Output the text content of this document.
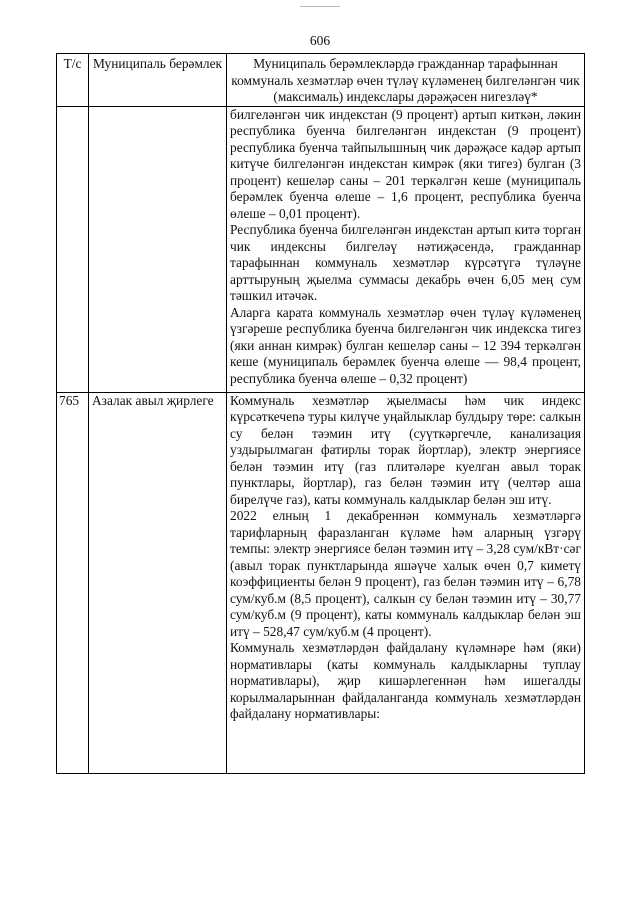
606
Т/с	Муниципаль берәмлек	Муниципаль берәмлекләрдә гражданнар тарафыннан коммуналь хезмәтләр өчен түләү күләменең билгеләнгән чик (максималь) индекслары дәрәҗәсен нигезләү*

		билгеләнгән чик индекстан (9 процент) артып киткән, ләкин республика буенча билгеләнгән индекстан (9 процент) республика буенча тайпылышның чик дәрәҗәсе кадәр артып китүче билгеләнгән индекстан кимрәк (яки тигез) булган (3 процент) кешеләр саны – 201 теркәлгән кеше (муниципаль берәмлек буенча өлеше – 1,6 процент, республика буенча өлеше – 0,01 процент).

Республика буенча билгеләнгән индекстан артып китә торган чик индексны билгеләү нәтиҗәсендә, гражданнар тарафыннан коммуналь хезмәтләр күрсәтүгә түләүне арттыруның җыелма суммасы декабрь өчен 6,05 мең сум тәшкил итәчәк.

Аларга карата коммуналь хезмәтләр өчен түләү күләменең үзгәреше республика буенча билгеләнгән чик индекска тигез (яки аннан кимрәк) булган кешеләр саны – 12 394 теркәлгән кеше (муниципаль берәмлек буенча өлеше — 98,4 процент, республика буенча өлеше – 0,32 процент)

765	Азалак авыл җирлеге	Коммуналь хезмәтләр җыелмасы һәм чик индекс күрсәткечenә туры килүче уңайлыклар булдыру төре: салкын су белән тәэмин итү (суүткәргечле, канализация уздырылмаган фатирлы торак йортлар), электр энергиясе белән тәэмин итү (газ плитәләре куелган авыл торак пунктлары, йортлар), газ белән тәэмин итү (челтәр аша бирелүче газ), каты коммуналь калдыклар белән эш итү.

2022 елның 1 декабреннән коммуналь хезмәтләргә тарифларның фаразланган күләме һәм аларның үзгәрү темпы: электр энергиясе белән тәэмин итү – 3,28 сум/кВт·сәг (авыл торак пунктларында яшәүче халык өчен 0,7 киметү коэффициенты белән 9 процент), газ белән тәэмин итү – 6,78 сум/куб.м (8,5 процент), салкын су белән тәэмин итү – 30,77 сум/куб.м (9 процент), каты коммуналь калдыклар белән эш итү – 528,47 сум/куб.м (4 процент).

Коммуналь хезмәтләрдән файдалану күләмнәре һәм (яки) нормативлары (каты коммуналь калдыкларны туплау нормативлары), җир кишәрлегеннән һәм ишегалды корылмаларыннан файдаланганда коммуналь хезмәтләрдән файдалану нормативлары:
